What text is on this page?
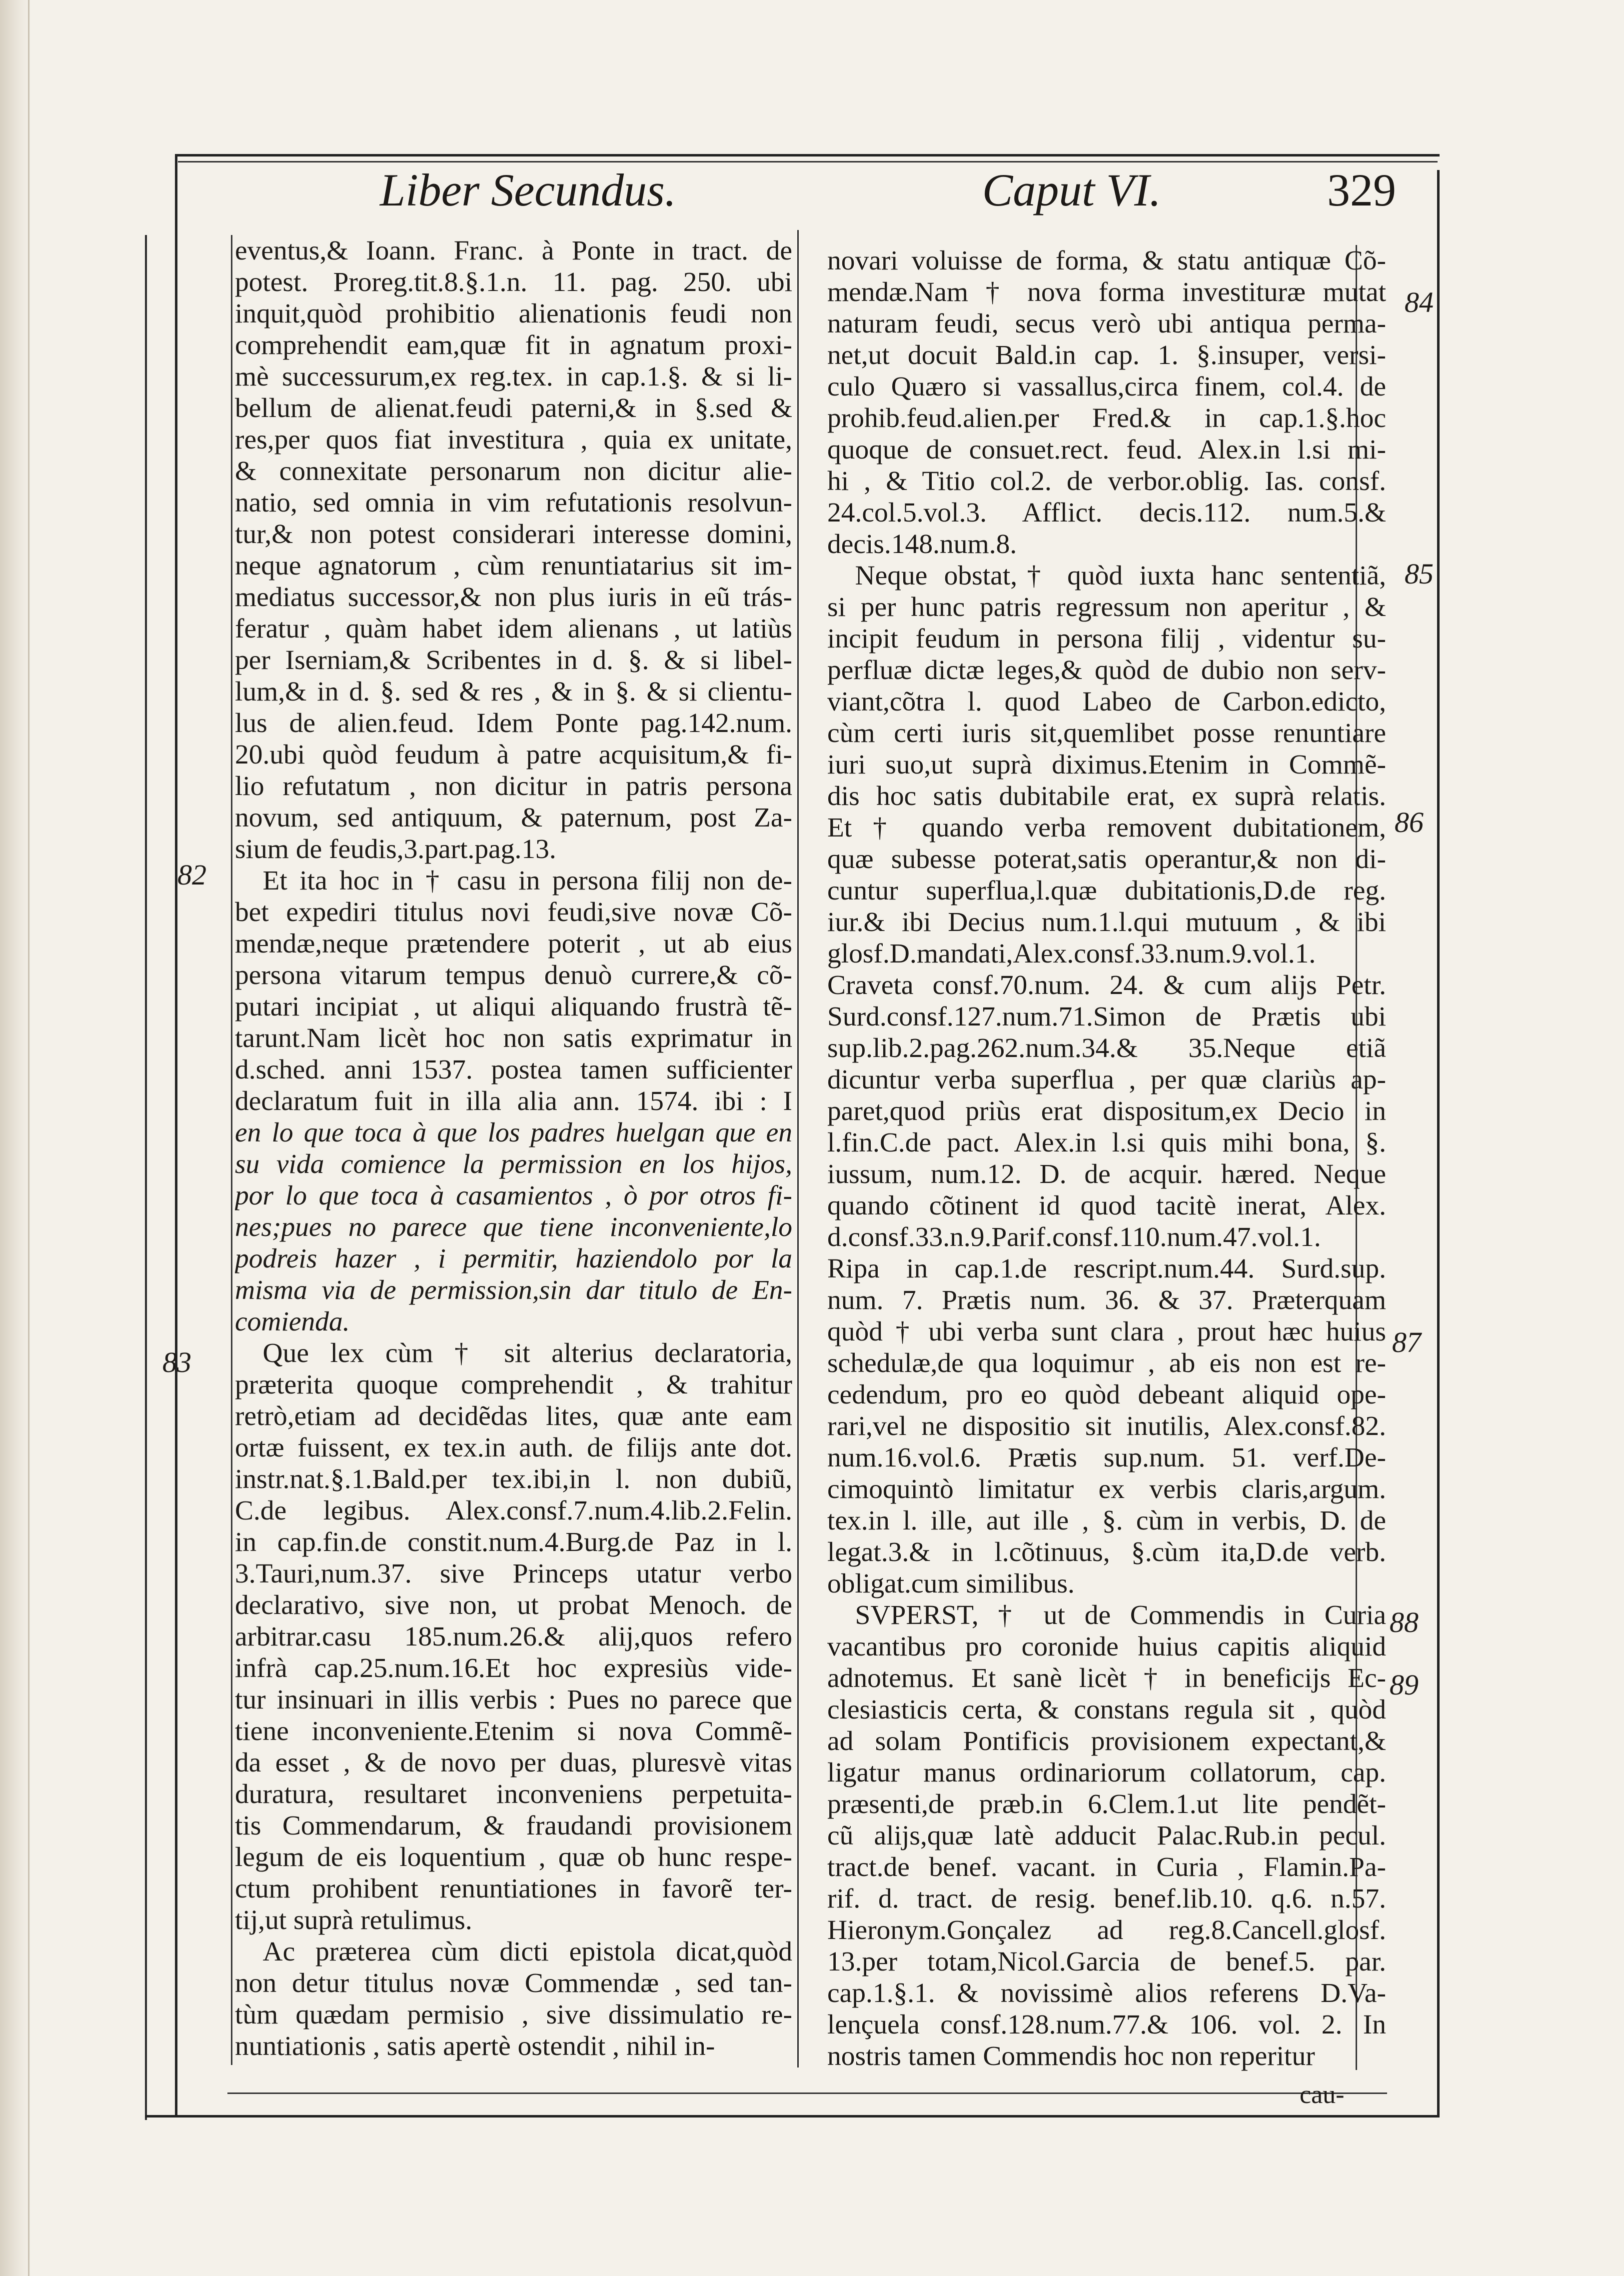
Liber Secundus.	Caput VI.	329
eventus,& Ioann. Franc. à Ponte in tract. de
potest. Proreg.tit.8.§.1.n. 11. pag. 250. ubi
inquit,quòd prohibitio alienationis feudi non
comprehendit eam,quæ fit in agnatum proxi-
mè successurum,ex reg.tex. in cap.1.§. & si li-
bellum de alienat.feudi paterni,& in §.sed &
res,per quos fiat investitura , quia ex unitate,
& connexitate personarum non dicitur alie-
natio, sed omnia in vim refutationis resolvun-
tur,& non potest considerari interesse domini,
neque agnatorum , cùm renuntiatarius sit im-
mediatus successor,& non plus iuris in eũ trás-
feratur , quàm habet idem alienans , ut latiùs
per Iserniam,& Scribentes in d. §. & si libel-
lum,& in d. §. sed & res , & in §. & si clientu-
lus de alien.feud. Idem Ponte pag.142.num.
20.ubi quòd feudum à patre acquisitum,& fi-
lio refutatum , non dicitur in patris persona
novum, sed antiquum, & paternum, post Za-
sium de feudis,3.part.pag.13.
 Et ita hoc in † casu in persona filij non de-
bet expediri titulus novi feudi,sive novæ Cõ-
mendæ,neque prætendere poterit , ut ab eius
persona vitarum tempus denuò currere,& cõ-
putari incipiat , ut aliqui aliquando frustrà tẽ-
tarunt.Nam licèt hoc non satis exprimatur in
d.sched. anni 1537. postea tamen sufficienter
declaratum fuit in illa alia ann. 1574. ibi : I
en lo que toca à que los padres huelgan que en
su vida comience la permission en los hijos,
por lo que toca à casamientos , ò por otros fi-
nes;pues no parece que tiene inconveniente,lo
podreis hazer , i permitir, haziendolo por la
misma via de permission,sin dar titulo de En-
comienda.
 Que lex cùm † sit alterius declaratoria,
præterita quoque comprehendit , & trahitur
retrò,etiam ad decidẽdas lites, quæ ante eam
ortæ fuissent, ex tex.in auth. de filijs ante dot.
instr.nat.§.1.Bald.per tex.ibi,in l. non dubiũ,
C.de legibus. Alex.consf.7.num.4.lib.2.Felin.
in cap.fin.de constit.num.4.Burg.de Paz in l.
3.Tauri,num.37. sive Princeps utatur verbo
declarativo, sive non, ut probat Menoch. de
arbitrar.casu 185.num.26.& alij,quos refero
infrà cap.25.num.16.Et hoc expresiùs vide-
tur insinuari in illis verbis : Pues no parece que
tiene inconveniente.Etenim si nova Commẽ-
da esset , & de novo per duas, pluresvè vitas
duratura, resultaret inconveniens perpetuita-
tis Commendarum, & fraudandi provisionem
legum de eis loquentium , quæ ob hunc respe-
ctum prohibent renuntiationes in favorẽ ter-
tij,ut suprà retulimus.
 Ac præterea cùm dicti epistola dicat,quòd
non detur titulus novæ Commendæ , sed tan-
tùm quædam permisio , sive dissimulatio re-
nuntiationis , satis apertè ostendit , nihil in-
novari voluisse de forma, & statu antiquæ Cõ-
mendæ.Nam † nova forma investituræ mutat
naturam feudi, secus verò ubi antiqua perma-
net,ut docuit Bald.in cap. 1. §.insuper, versi-
culo Quæro si vassallus,circa finem, col.4. de
prohib.feud.alien.per Fred.& in cap.1.§.hoc
quoque de consuet.rect. feud. Alex.in l.si mi-
hi , & Titio col.2. de verbor.oblig. Ias. consf.
24.col.5.vol.3. Afflict. decis.112. num.5.&
decis.148.num.8.
 Neque obstat,† quòd iuxta hanc sententiã,
si per hunc patris regressum non aperitur , &
incipit feudum in persona filij , videntur su-
perfluæ dictæ leges,& quòd de dubio non serv-
viant,cõtra l. quod Labeo de Carbon.edicto,
cùm certi iuris sit,quemlibet posse renuntiare
iuri suo,ut suprà diximus.Etenim in Commẽ-
dis hoc satis dubitabile erat, ex suprà relatis.
Et † quando verba removent dubitationem,
quæ subesse poterat,satis operantur,& non di-
cuntur superflua,l.quæ dubitationis,D.de reg.
iur.& ibi Decius num.1.l.qui mutuum , & ibi
glosf.D.mandati,Alex.consf.33.num.9.vol.1.
Craveta consf.70.num. 24. & cum alijs Petr.
Surd.consf.127.num.71.Simon de Prætis ubi
sup.lib.2.pag.262.num.34.& 35.Neque etiã
dicuntur verba superflua , per quæ clariùs ap-
paret,quod priùs erat dispositum,ex Decio in
l.fin.C.de pact. Alex.in l.si quis mihi bona, §.
iussum, num.12. D. de acquir. hæred. Neque
quando cõtinent id quod tacitè inerat, Alex.
d.consf.33.n.9.Parif.consf.110.num.47.vol.1.
Ripa in cap.1.de rescript.num.44. Surd.sup.
num. 7. Prætis num. 36. & 37. Præterquam
quòd † ubi verba sunt clara , prout hæc huius
schedulæ,de qua loquimur , ab eis non est re-
cedendum, pro eo quòd debeant aliquid ope-
rari,vel ne dispositio sit inutilis, Alex.consf.82.
num.16.vol.6. Prætis sup.num. 51. verf.De-
cimoquintò limitatur ex verbis claris,argum.
tex.in l. ille, aut ille , §. cùm in verbis, D. de
legat.3.& in l.cõtinuus, §.cùm ita,D.de verb.
obligat.cum similibus.
 SVPERST, † ut de Commendis in Curia
vacantibus pro coronide huius capitis aliquid
adnotemus. Et sanè licèt † in beneficijs Ec-
clesiasticis certa, & constans regula sit , quòd
ad solam Pontificis provisionem expectant,&
ligatur manus ordinariorum collatorum, cap.
præsenti,de præb.in 6.Clem.1.ut lite pendẽt-
cũ alijs,quæ latè adducit Palac.Rub.in pecul.
tract.de benef. vacant. in Curia , Flamin.Pa-
rif. d. tract. de resig. benef.lib.10. q.6. n.57.
Hieronym.Gonçalez ad reg.8.Cancell.glosf.
13.per totam,Nicol.Garcia de benef.5. par.
cap.1.§.1. & novissimè alios referens D.Va-
lençuela consf.128.num.77.& 106. vol. 2. In
nostris tamen Commendis hoc non reperitur
82
83
84
85
86
87
88
89
cau-
